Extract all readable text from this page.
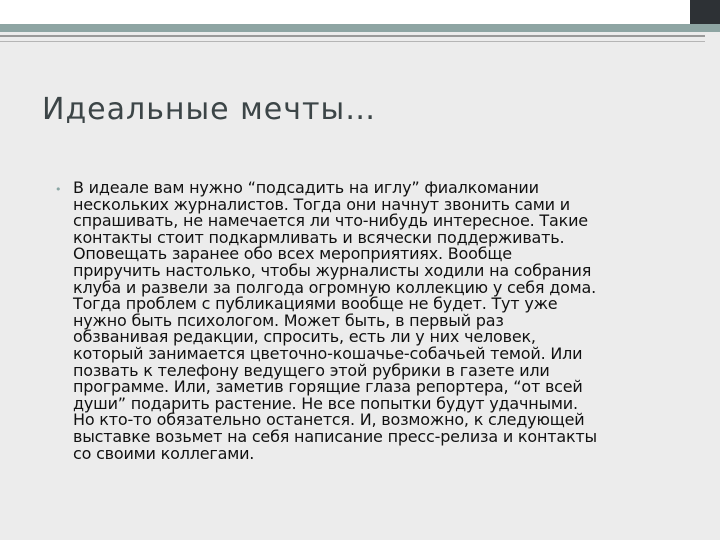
Идеальные мечты…
• В идеале вам нужно “подсадить на иглу” фиалкомании
нескольких журналистов. Тогда они начнут звонить сами и
спрашивать, не намечается ли что-нибудь интересное. Такие
контакты стоит подкармливать и всячески поддерживать.
Оповещать заранее обо всех мероприятиях. Вообще
приручить настолько, чтобы журналисты ходили на собрания
клуба и развели за полгода огромную коллекцию у себя дома.
Тогда проблем с публикациями вообще не будет. Тут уже
нужно быть психологом. Может быть, в первый раз
обзванивая редакции, спросить, есть ли у них человек,
который занимается цветочно-кошачье-собачьей темой. Или
позвать к телефону ведущего этой рубрики в газете или
программе. Или, заметив горящие глаза репортера, “от всей
души” подарить растение. Не все попытки будут удачными.
Но кто-то обязательно останется. И, возможно, к следующей
выставке возьмет на себя написание пресс-релиза и контакты
со своими коллегами.
